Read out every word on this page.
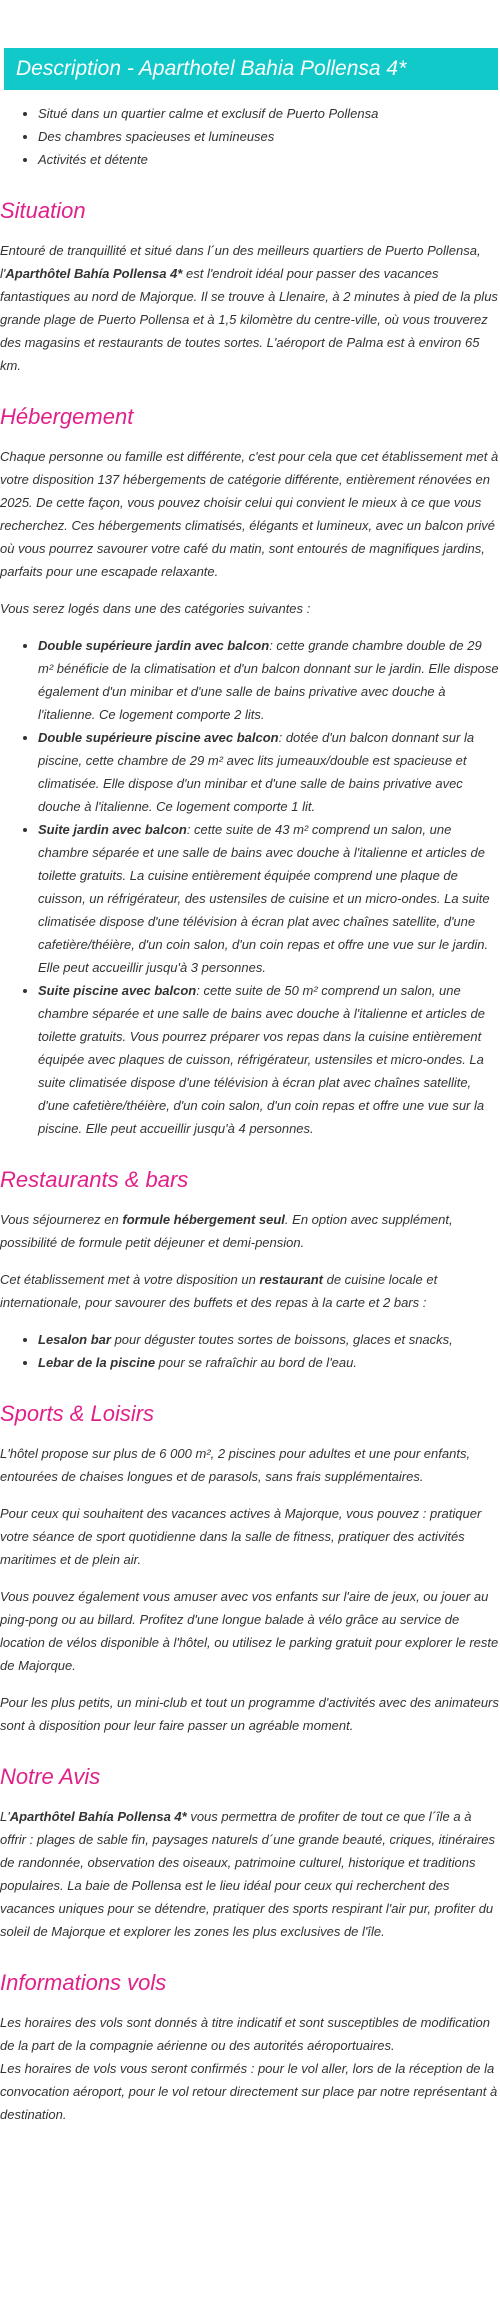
Description - Aparthotel Bahia Pollensa 4*
• Situé dans un quartier calme et exclusif de Puerto Pollensa
• Des chambres spacieuses et lumineuses
• Activités et détente
Situation

Entouré de tranquillité et situé dans l´un des meilleurs quartiers de Puerto Pollensa, l'Aparthôtel Bahía Pollensa 4* est l'endroit idéal pour passer des vacances fantastiques au nord de Majorque. Il se trouve à Llenaire, à 2 minutes à pied de la plus grande plage de Puerto Pollensa et à 1,5 kilomètre du centre-ville, où vous trouverez des magasins et restaurants de toutes sortes. L'aéroport de Palma est à environ 65 km.

Hébergement

Chaque personne ou famille est différente, c'est pour cela que cet établissement met à votre disposition 137 hébergements de catégorie différente, entièrement rénovées en 2025. De cette façon, vous pouvez choisir celui qui convient le mieux à ce que vous recherchez. Ces hébergements climatisés, élégants et lumineux, avec un balcon privé où vous pourrez savourer votre café du matin, sont entourés de magnifiques jardins, parfaits pour une escapade relaxante.

Vous serez logés dans une des catégories suivantes :

• Double supérieure jardin avec balcon: cette grande chambre double de 29 m² bénéficie de la climatisation et d'un balcon donnant sur le jardin. Elle dispose également d'un minibar et d'une salle de bains privative avec douche à l'italienne. Ce logement comporte 2 lits.
• Double supérieure piscine avec balcon: dotée d'un balcon donnant sur la piscine, cette chambre de 29 m² avec lits jumeaux/double est spacieuse et climatisée. Elle dispose d'un minibar et d'une salle de bains privative avec douche à l'italienne. Ce logement comporte 1 lit.
• Suite jardin avec balcon: cette suite de 43 m² comprend un salon, une chambre séparée et une salle de bains avec douche à l'italienne et articles de toilette gratuits. La cuisine entièrement équipée comprend une plaque de cuisson, un réfrigérateur, des ustensiles de cuisine et un micro-ondes. La suite climatisée dispose d'une télévision à écran plat avec chaînes satellite, d'une cafetière/théière, d'un coin salon, d'un coin repas et offre une vue sur le jardin. Elle peut accueillir jusqu'à 3 personnes.
• Suite piscine avec balcon: cette suite de 50 m² comprend un salon, une chambre séparée et une salle de bains avec douche à l'italienne et articles de toilette gratuits. Vous pourrez préparer vos repas dans la cuisine entièrement équipée avec plaques de cuisson, réfrigérateur, ustensiles et micro-ondes. La suite climatisée dispose d'une télévision à écran plat avec chaînes satellite, d'une cafetière/théière, d'un coin salon, d'un coin repas et offre une vue sur la piscine. Elle peut accueillir jusqu'à 4 personnes.
Restaurants & bars

Vous séjournerez en formule hébergement seul. En option avec supplément, possibilité de formule petit déjeuner et demi-pension.

Cet établissement met à votre disposition un restaurant de cuisine locale et internationale, pour savourer des buffets et des repas à la carte et 2 bars :

• Lesalon bar pour déguster toutes sortes de boissons, glaces et snacks,
• Lebar de la piscine pour se rafraîchir au bord de l'eau.
Sports & Loisirs

L'hôtel propose sur plus de 6 000 m², 2 piscines pour adultes et une pour enfants, entourées de chaises longues et de parasols, sans frais supplémentaires.

Pour ceux qui souhaitent des vacances actives à Majorque, vous pouvez : pratiquer votre séance de sport quotidienne dans la salle de fitness, pratiquer des activités maritimes et de plein air.

Vous pouvez également vous amuser avec vos enfants sur l'aire de jeux, ou jouer au ping-pong ou au billard. Profitez d'une longue balade à vélo grâce au service de location de vélos disponible à l'hôtel, ou utilisez le parking gratuit pour explorer le reste de Majorque.

Pour les plus petits, un mini-club et tout un programme d'activités avec des animateurs sont à disposition pour leur faire passer un agréable moment.

Notre Avis

L'Aparthôtel Bahía Pollensa 4* vous permettra de profiter de tout ce que l´île a à offrir : plages de sable fin, paysages naturels d´une grande beauté, criques, itinéraires de randonnée, observation des oiseaux, patrimoine culturel, historique et traditions populaires. La baie de Pollensa est le lieu idéal pour ceux qui recherchent des vacances uniques pour se détendre, pratiquer des sports respirant l'air pur, profiter du soleil de Majorque et explorer les zones les plus exclusives de l'île.

Informations vols

Les horaires des vols sont donnés à titre indicatif et sont susceptibles de modification de la part de la compagnie aérienne ou des autorités aéroportuaires.

Les horaires de vols vous seront confirmés : pour le vol aller, lors de la réception de la convocation aéroport, pour le vol retour directement sur place par notre représentant à destination.
